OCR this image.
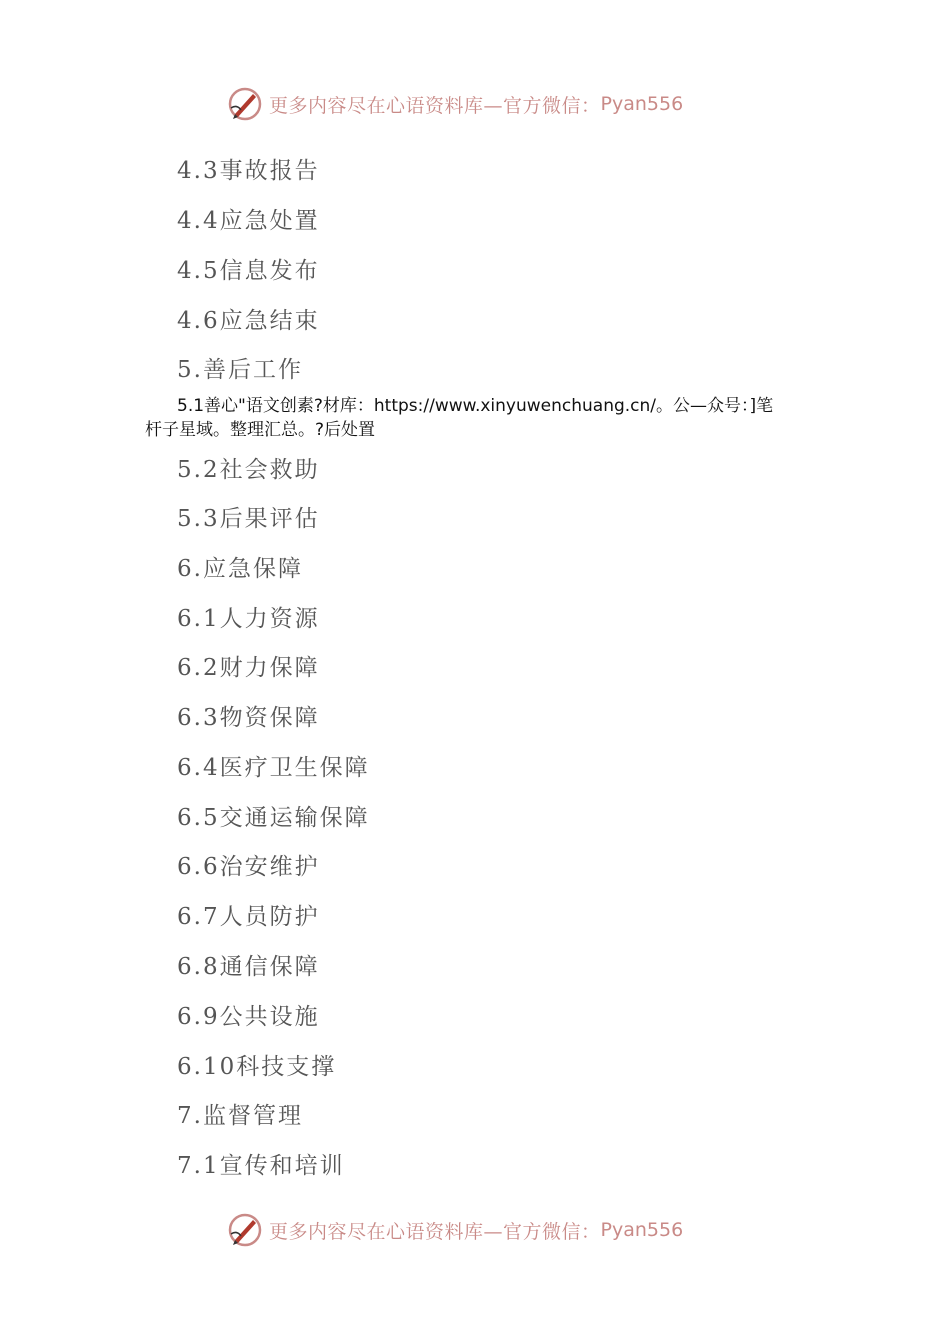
更多内容尽在心语资料库—官方微信： Pyan556
4.3事故报告
4.4应急处置
4.5信息发布
4.6应急结束
5.善后工作
5.1善心"语文创素?材库：https://www.xinyuwenchuang.cn/。公—众号：]笔
杆子星域。整理汇总。?后处置
5.2社会救助
5.3后果评估
6.应急保障
6.1人力资源
6.2财力保障
6.3物资保障
6.4医疗卫生保障
6.5交通运输保障
6.6治安维护
6.7人员防护
6.8通信保障
6.9公共设施
6.10科技支撑
7.监督管理
7.1宣传和培训
更多内容尽在心语资料库—官方微信： Pyan556
